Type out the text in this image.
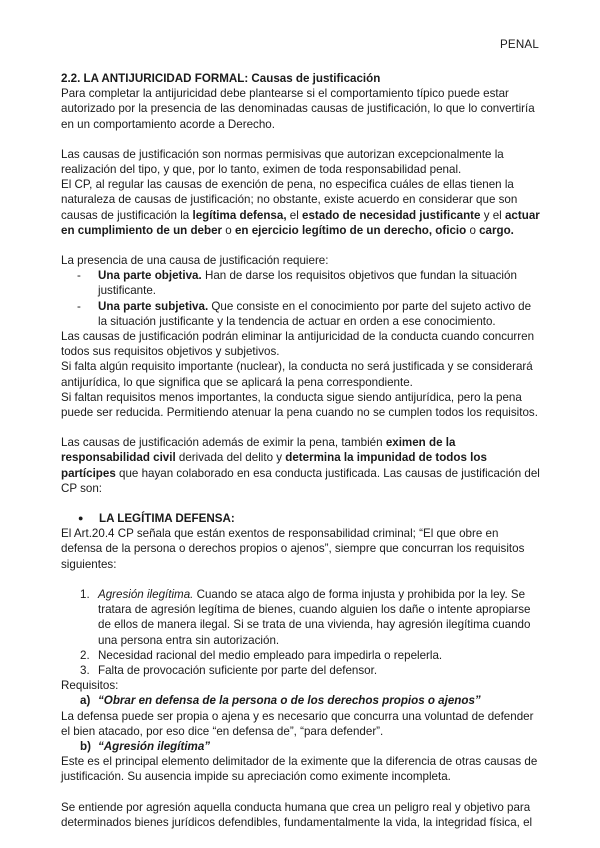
PENAL

2.2. LA ANTIJURICIDAD FORMAL: Causas de justificación

Para completar la antijuricidad debe plantearse si el comportamiento típico puede estar autorizado por la presencia de las denominadas causas de justificación, lo que lo convertiría en un comportamiento acorde a Derecho.

Las causas de justificación son normas permisivas que autorizan excepcionalmente la realización del tipo, y que, por lo tanto, eximen de toda responsabilidad penal.

El CP, al regular las causas de exención de pena, no especifica cuáles de ellas tienen la naturaleza de causas de justificación; no obstante, existe acuerdo en considerar que son causas de justificación la legítima defensa, el estado de necesidad justificante y el actuar en cumplimiento de un deber o en ejercicio legítimo de un derecho, oficio o cargo.

La presencia de una causa de justificación requiere:

-	Una parte objetiva. Han de darse los requisitos objetivos que fundan la situación justificante.
-	Una parte subjetiva. Que consiste en el conocimiento por parte del sujeto activo de la situación justificante y la tendencia de actuar en orden a ese conocimiento.

Las causas de justificación podrán eliminar la antijuricidad de la conducta cuando concurren todos sus requisitos objetivos y subjetivos.

Si falta algún requisito importante (nuclear), la conducta no será justificada y se considerará antijurídica, lo que significa que se aplicará la pena correspondiente.

Si faltan requisitos menos importantes, la conducta sigue siendo antijurídica, pero la pena puede ser reducida. Permitiendo atenuar la pena cuando no se cumplen todos los requisitos.

Las causas de justificación además de eximir la pena, también eximen de la responsabilidad civil derivada del delito y determina la impunidad de todos los partícipes que hayan colaborado en esa conducta justificada. Las causas de justificación del CP son:

●	LA LEGÍTIMA DEFENSA:

El Art.20.4 CP señala que están exentos de responsabilidad criminal; “El que obre en defensa de la persona o derechos propios o ajenos”, siempre que concurran los requisitos siguientes:

1. Agresión ilegítima. Cuando se ataca algo de forma injusta y prohibida por la ley. Se tratara de agresión legítima de bienes, cuando alguien los dañe o intente apropiarse de ellos de manera ilegal. Si se trata de una vivienda, hay agresión ilegítima cuando una persona entra sin autorización.
2. Necesidad racional del medio empleado para impedirla o repelerla.
3. Falta de provocación suficiente por parte del defensor.

Requisitos:

a) “Obrar en defensa de la persona o de los derechos propios o ajenos”

La defensa puede ser propia o ajena y es necesario que concurra una voluntad de defender el bien atacado, por eso dice “en defensa de”, “para defender”.

b) “Agresión ilegítima”

Este es el principal elemento delimitador de la eximente que la diferencia de otras causas de justificación. Su ausencia impide su apreciación como eximente incompleta.

Se entiende por agresión aquella conducta humana que crea un peligro real y objetivo para determinados bienes jurídicos defendibles, fundamentalmente la vida, la integridad física, el
